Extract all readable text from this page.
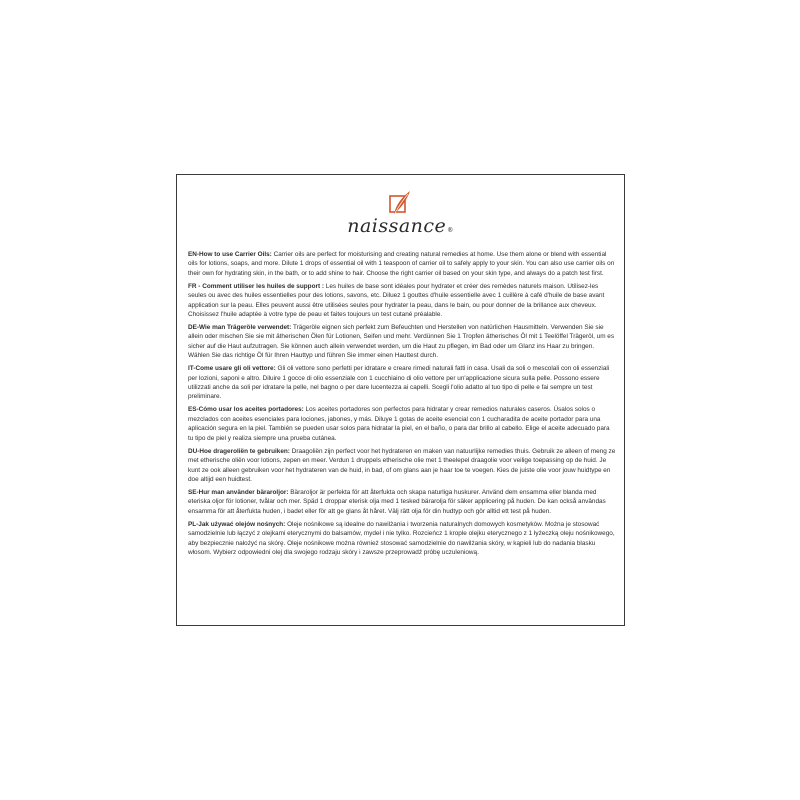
naissance®

EN-How to use Carrier Oils: Carrier oils are perfect for moisturising and creating natural remedies at home. Use them alone or blend with essential oils for lotions, soaps, and more. Dilute 1 drops of essential oil with 1 teaspoon of carrier oil to safely apply to your skin. You can also use carrier oils on their own for hydrating skin, in the bath, or to add shine to hair. Choose the right carrier oil based on your skin type, and always do a patch test first.

FR - Comment utiliser les huiles de support : Les huiles de base sont idéales pour hydrater et créer des remèdes naturels maison. Utilisez-les seules ou avec des huiles essentielles pour des lotions, savons, etc. Diluez 1 gouttes d'huile essentielle avec 1 cuillère à café d'huile de base avant application sur la peau. Elles peuvent aussi être utilisées seules pour hydrater la peau, dans le bain, ou pour donner de la brillance aux cheveux. Choisissez l'huile adaptée à votre type de peau et faites toujours un test cutané préalable.

DE-Wie man Trägeröle verwendet: Trägeröle eignen sich perfekt zum Befeuchten und Herstellen von natürlichen Hausmitteln. Verwenden Sie sie allein oder mischen Sie sie mit ätherischen Ölen für Lotionen, Seifen und mehr. Verdünnen Sie 1 Tropfen ätherisches Öl mit 1 Teelöffel Trägeröl, um es sicher auf die Haut aufzutragen. Sie können auch allein verwendet werden, um die Haut zu pflegen, im Bad oder um Glanz ins Haar zu bringen. Wählen Sie das richtige Öl für Ihren Hauttyp und führen Sie immer einen Hauttest durch.

IT-Come usare gli oli vettore: Gli oli vettore sono perfetti per idratare e creare rimedi naturali fatti in casa. Usali da soli o mescolali con oli essenziali per lozioni, saponi e altro. Diluire 1 gocce di olio essenziale con 1 cucchiaino di olio vettore per un'applicazione sicura sulla pelle. Possono essere utilizzati anche da soli per idratare la pelle, nel bagno o per dare lucentezza ai capelli. Scegli l'olio adatto al tuo tipo di pelle e fai sempre un test preliminare.

ES-Cómo usar los aceites portadores: Los aceites portadores son perfectos para hidratar y crear remedios naturales caseros. Úsalos solos o mezclados con aceites esenciales para lociones, jabones, y más. Diluye 1 gotas de aceite esencial con 1 cucharadita de aceite portador para una aplicación segura en la piel. También se pueden usar solos para hidratar la piel, en el baño, o para dar brillo al cabello. Elige el aceite adecuado para tu tipo de piel y realiza siempre una prueba cutánea.

DU-Hoe drageroliën te gebruiken: Draagoliën zijn perfect voor het hydrateren en maken van natuurlijke remedies thuis. Gebruik ze alleen of meng ze met etherische oliën voor lotions, zepen en meer. Verdun 1 druppels etherische olie met 1 theelepel draagolie voor veilige toepassing op de huid. Je kunt ze ook alleen gebruiken voor het hydrateren van de huid, in bad, of om glans aan je haar toe te voegen. Kies de juiste olie voor jouw huidtype en doe altijd een huidtest.

SE-Hur man använder bäraroljor: Bäraroljor är perfekta för att återfukta och skapa naturliga huskurer. Använd dem ensamma eller blanda med eteriska oljor för lotioner, tvålar och mer. Späd 1 droppar eterisk olja med 1 tesked bärarolja för säker applicering på huden. De kan också användas ensamma för att återfukta huden, i badet eller för att ge glans åt håret. Välj rätt olja för din hudtyp och gör alltid ett test på huden.

PL-Jak używać olejów nośnych: Oleje nośnikowe są idealne do nawilżania i tworzenia naturalnych domowych kosmetyków. Można je stosować samodzielnie lub łączyć z olejkami eterycznymi do balsamów, mydeł i nie tylko. Rozcieńcz 1 krople olejku eterycznego z 1 łyżeczką oleju nośnikowego, aby bezpiecznie nałożyć na skórę. Oleje nośnikowe można również stosować samodzielnie do nawilżania skóry, w kąpieli lub do nadania blasku włosom. Wybierz odpowiedni olej dla swojego rodzaju skóry i zawsze przeprowadź próbę uczuleniową.
